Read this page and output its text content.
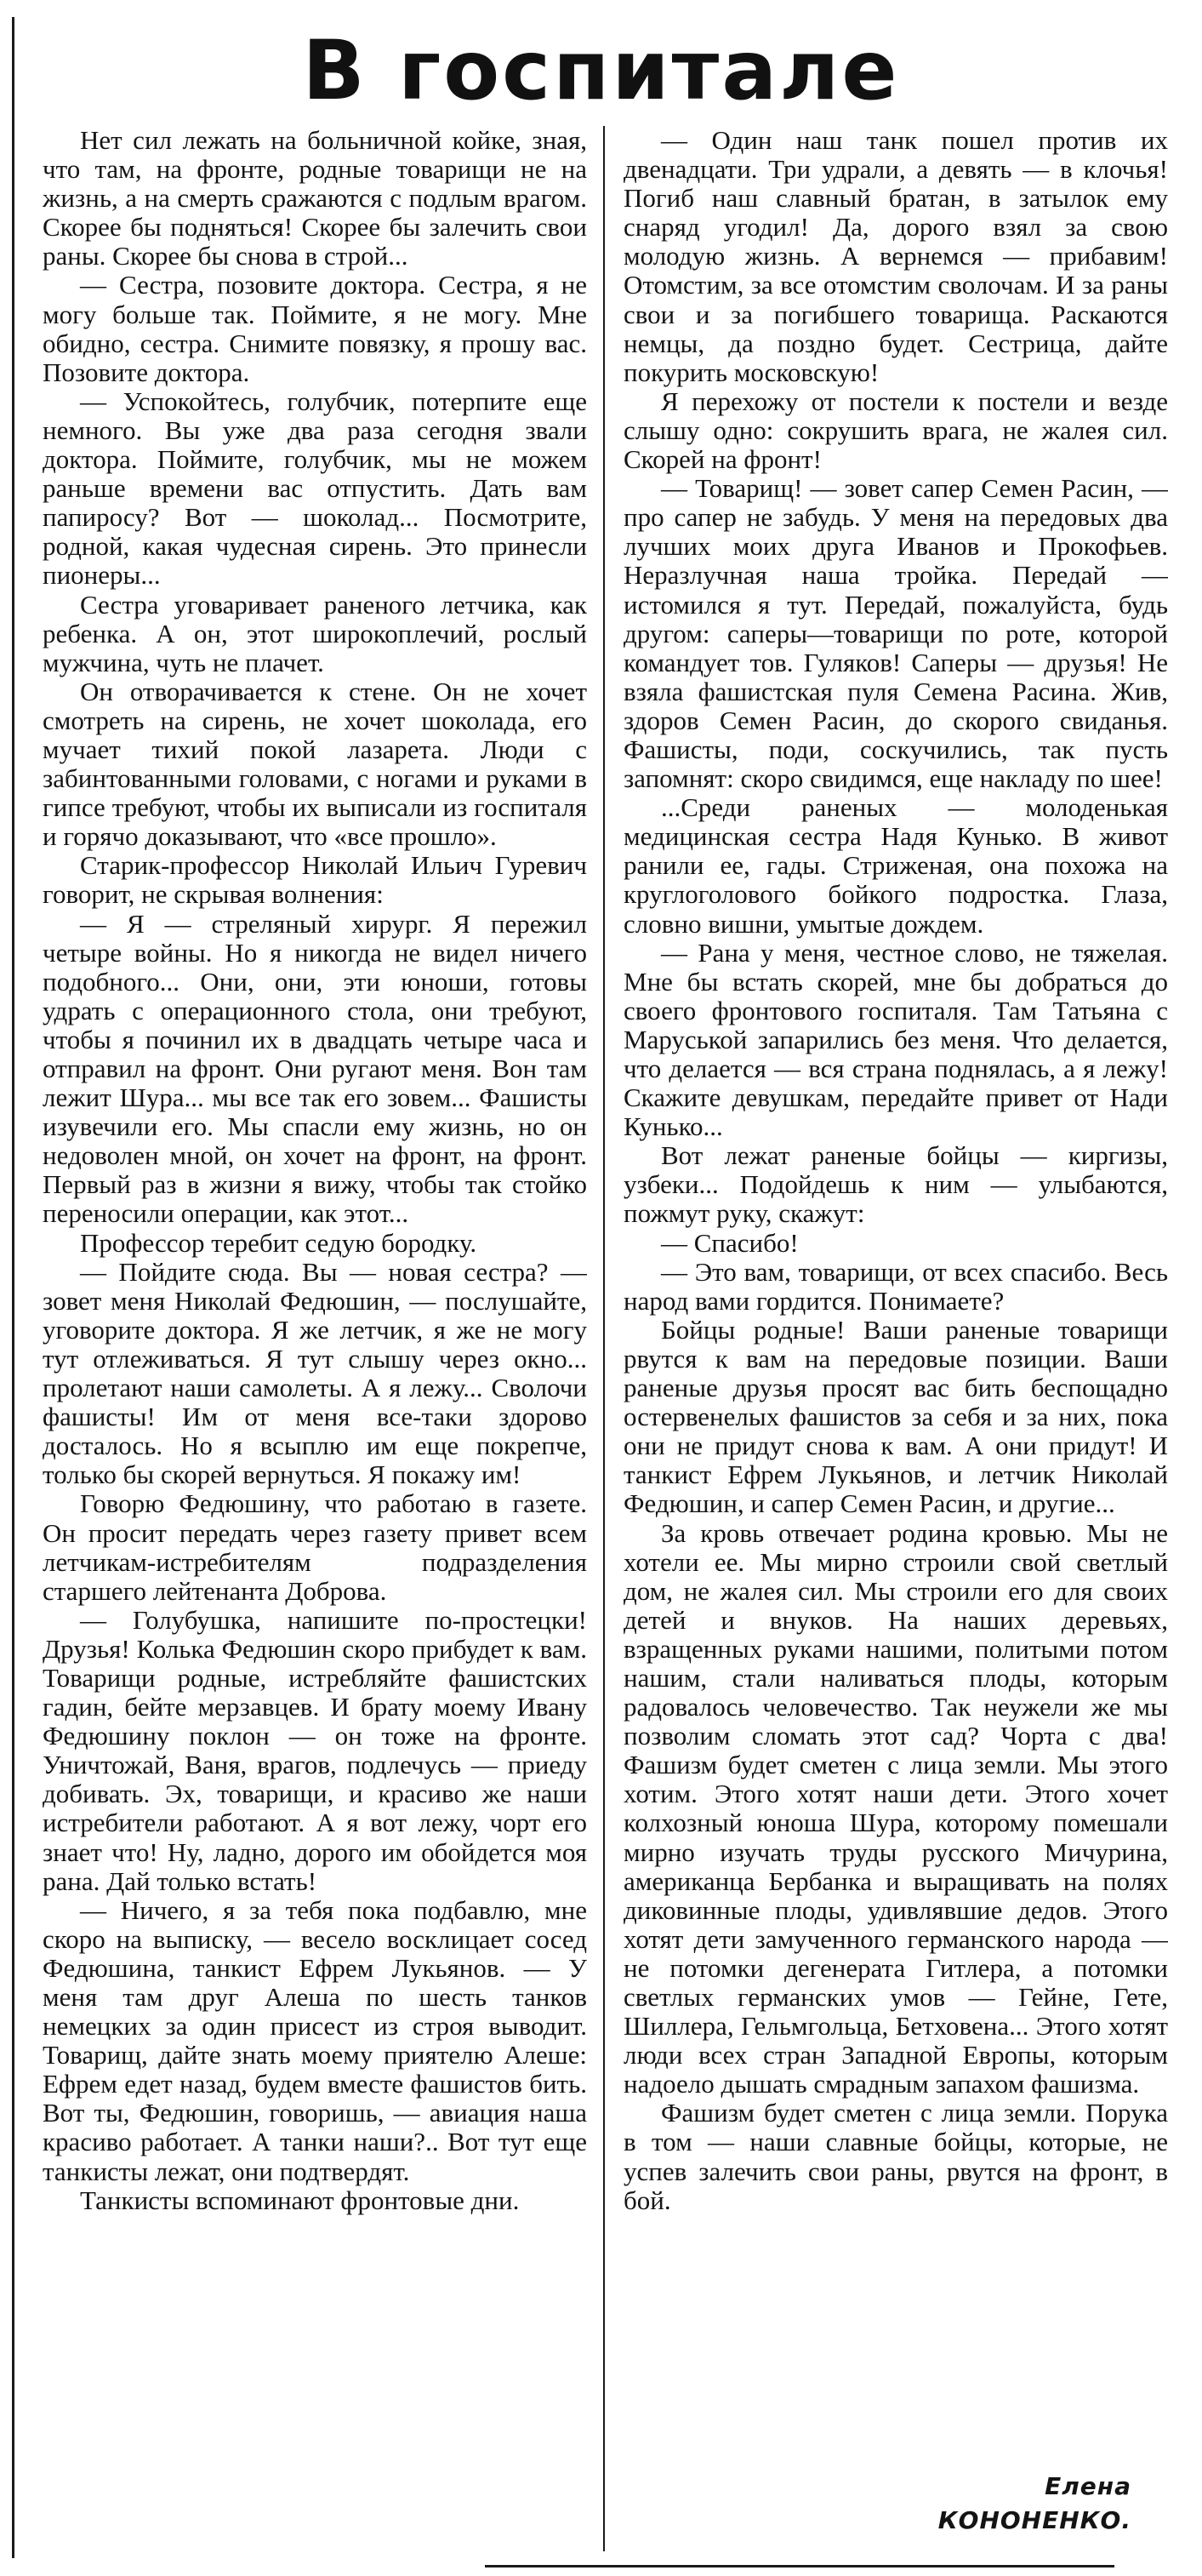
В госпитале

Нет сил лежать на больничной койке, зная, что там, на фронте, родные товарищи не на жизнь, а на смерть сражаются с подлым врагом. Скорее бы подняться! Скорее бы залечить свои раны. Скорее бы снова в строй...

— Сестра, позовите доктора. Сестра, я не могу больше так. Поймите, я не могу. Мне обидно, сестра. Снимите повязку, я прошу вас. Позовите доктора.

— Успокойтесь, голубчик, потерпите еще немного. Вы уже два раза сегодня звали доктора. Поймите, голубчик, мы не можем раньше времени вас отпустить. Дать вам папиросу? Вот — шоколад... Посмотрите, родной, какая чудесная сирень. Это принесли пионеры...

Сестра уговаривает раненого летчика, как ребенка. А он, этот широкоплечий, рослый мужчина, чуть не плачет.

Он отворачивается к стене. Он не хочет смотреть на сирень, не хочет шоколада, его мучает тихий покой лазарета. Люди с забинтованными головами, с ногами и руками в гипсе требуют, чтобы их выписали из госпиталя и горячо доказывают, что «все прошло».

Старик-профессор Николай Ильич Гуревич говорит, не скрывая волнения:

— Я — стреляный хирург. Я пережил четыре войны. Но я никогда не видел ничего подобного... Они, они, эти юноши, готовы удрать с операционного стола, они требуют, чтобы я починил их в двадцать четыре часа и отправил на фронт. Они ругают меня. Вон там лежит Шура... мы все так его зовем... Фашисты изувечили его. Мы спасли ему жизнь, но он недоволен мной, он хочет на фронт, на фронт. Первый раз в жизни я вижу, чтобы так стойко переносили операции, как этот...

Профессор теребит седую бородку.

— Пойдите сюда. Вы — новая сестра? — зовет меня Николай Федюшин, — послушайте, уговорите доктора. Я же летчик, я же не могу тут отлеживаться. Я тут слышу через окно... пролетают наши самолеты. А я лежу... Сволочи фашисты! Им от меня все-таки здорово досталось. Но я всыплю им еще покрепче, только бы скорей вернуться. Я покажу им!

Говорю Федюшину, что работаю в газете. Он просит передать через газету привет всем летчикам-истребителям подразделения старшего лейтенанта Доброва.

— Голубушка, напишите по-простецки! Друзья! Колька Федюшин скоро прибудет к вам. Товарищи родные, истребляйте фашистских гадин, бейте мерзавцев. И брату моему Ивану Федюшину поклон — он тоже на фронте. Уничтожай, Ваня, врагов, подлечусь — приеду добивать. Эх, товарищи, и красиво же наши истребители работают. А я вот лежу, чорт его знает что! Ну, ладно, дорого им обойдется моя рана. Дай только встать!

— Ничего, я за тебя пока подбавлю, мне скоро на выписку, — весело восклицает сосед Федюшина, танкист Ефрем Лукьянов. — У меня там друг Алеша по шесть танков немецких за один присест из строя выводит. Товарищ, дайте знать моему приятелю Алеше: Ефрем едет назад, будем вместе фашистов бить. Вот ты, Федюшин, говоришь, — авиация наша красиво работает. А танки наши?.. Вот тут еще танкисты лежат, они подтвердят.

Танкисты вспоминают фронтовые дни.

— Один наш танк пошел против их двенадцати. Три удрали, а девять — в клочья! Погиб наш славный братан, в затылок ему снаряд угодил! Да, дорого взял за свою молодую жизнь. А вернемся — прибавим! Отомстим, за все отомстим сволочам. И за раны свои и за погибшего товарища. Раскаются немцы, да поздно будет. Сестрица, дайте покурить московскую!

Я перехожу от постели к постели и везде слышу одно: сокрушить врага, не жалея сил. Скорей на фронт!

— Товарищ! — зовет сапер Семен Расин, — про сапер не забудь. У меня на передовых два лучших моих друга Иванов и Прокофьев. Неразлучная наша тройка. Передай — истомился я тут. Передай, пожалуйста, будь другом: саперы—товарищи по роте, которой командует тов. Гуляков! Саперы — друзья! Не взяла фашистская пуля Семена Расина. Жив, здоров Семен Расин, до скорого свиданья. Фашисты, поди, соскучились, так пусть запомнят: скоро свидимся, еще накладу по шее!

...Среди раненых — молоденькая медицинская сестра Надя Кунько. В живот ранили ее, гады. Стриженая, она похожа на круглоголового бойкого подростка. Глаза, словно вишни, умытые дождем.

— Рана у меня, честное слово, не тяжелая. Мне бы встать скорей, мне бы добраться до своего фронтового госпиталя. Там Татьяна с Маруськой запарились без меня. Что делается, что делается — вся страна поднялась, а я лежу! Скажите девушкам, передайте привет от Нади Кунько...

Вот лежат раненые бойцы — киргизы, узбеки... Подойдешь к ним — улыбаются, пожмут руку, скажут:

— Спасибо!

— Это вам, товарищи, от всех спасибо. Весь народ вами гордится. Понимаете?

Бойцы родные! Ваши раненые товарищи рвутся к вам на передовые позиции. Ваши раненые друзья просят вас бить беспощадно остервенелых фашистов за себя и за них, пока они не придут снова к вам. А они придут! И танкист Ефрем Лукьянов, и летчик Николай Федюшин, и сапер Семен Расин, и другие...

За кровь отвечает родина кровью. Мы не хотели ее. Мы мирно строили свой светлый дом, не жалея сил. Мы строили его для своих детей и внуков. На наших деревьях, взращенных руками нашими, политыми потом нашим, стали наливаться плоды, которым радовалось человечество. Так неужели же мы позволим сломать этот сад? Чорта с два! Фашизм будет сметен с лица земли. Мы этого хотим. Этого хотят наши дети. Этого хочет колхозный юноша Шура, которому помешали мирно изучать труды русского Мичурина, американца Бербанка и выращивать на полях диковинные плоды, удивлявшие дедов. Этого хотят дети замученного германского народа — не потомки дегенерата Гитлера, а потомки светлых германских умов — Гейне, Гете, Шиллера, Гельмгольца, Бетховена... Этого хотят люди всех стран Западной Европы, которым надоело дышать смрадным запахом фашизма.

Фашизм будет сметен с лица земли. Порука в том — наши славные бойцы, которые, не успев залечить свои раны, рвутся на фронт, в бой.

Елена КОНОНЕНКО.
